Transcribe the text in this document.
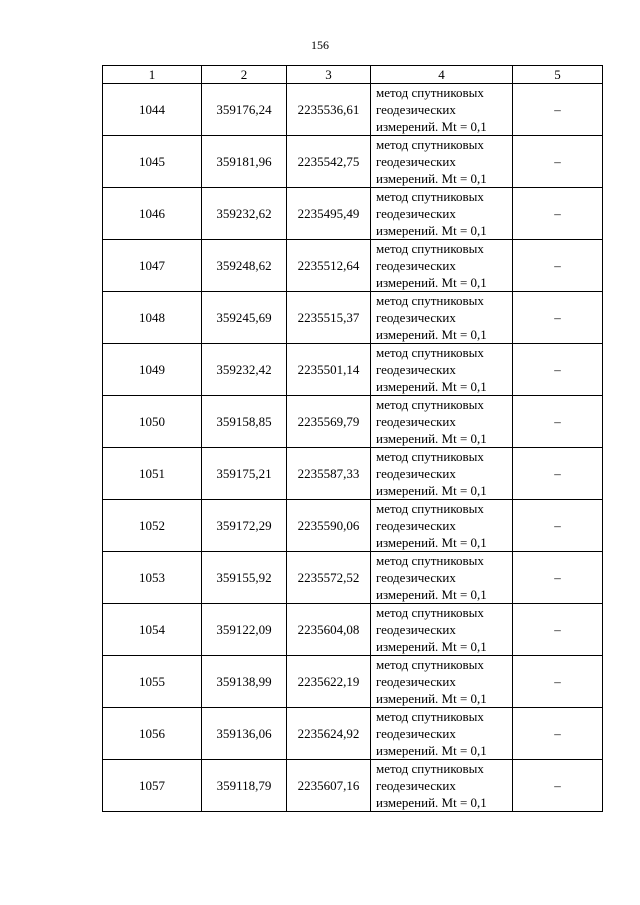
156
1	2	3	4	5
1044	359176,24	2235536,61	метод спутниковых
геодезических
измерений. Mt = 0,1	–
1045	359181,96	2235542,75	метод спутниковых
геодезических
измерений. Mt = 0,1	–
1046	359232,62	2235495,49	метод спутниковых
геодезических
измерений. Mt = 0,1	–
1047	359248,62	2235512,64	метод спутниковых
геодезических
измерений. Mt = 0,1	–
1048	359245,69	2235515,37	метод спутниковых
геодезических
измерений. Mt = 0,1	–
1049	359232,42	2235501,14	метод спутниковых
геодезических
измерений. Mt = 0,1	–
1050	359158,85	2235569,79	метод спутниковых
геодезических
измерений. Mt = 0,1	–
1051	359175,21	2235587,33	метод спутниковых
геодезических
измерений. Mt = 0,1	–
1052	359172,29	2235590,06	метод спутниковых
геодезических
измерений. Mt = 0,1	–
1053	359155,92	2235572,52	метод спутниковых
геодезических
измерений. Mt = 0,1	–
1054	359122,09	2235604,08	метод спутниковых
геодезических
измерений. Mt = 0,1	–
1055	359138,99	2235622,19	метод спутниковых
геодезических
измерений. Mt = 0,1	–
1056	359136,06	2235624,92	метод спутниковых
геодезических
измерений. Mt = 0,1	–
1057	359118,79	2235607,16	метод спутниковых
геодезических
измерений. Mt = 0,1	–
